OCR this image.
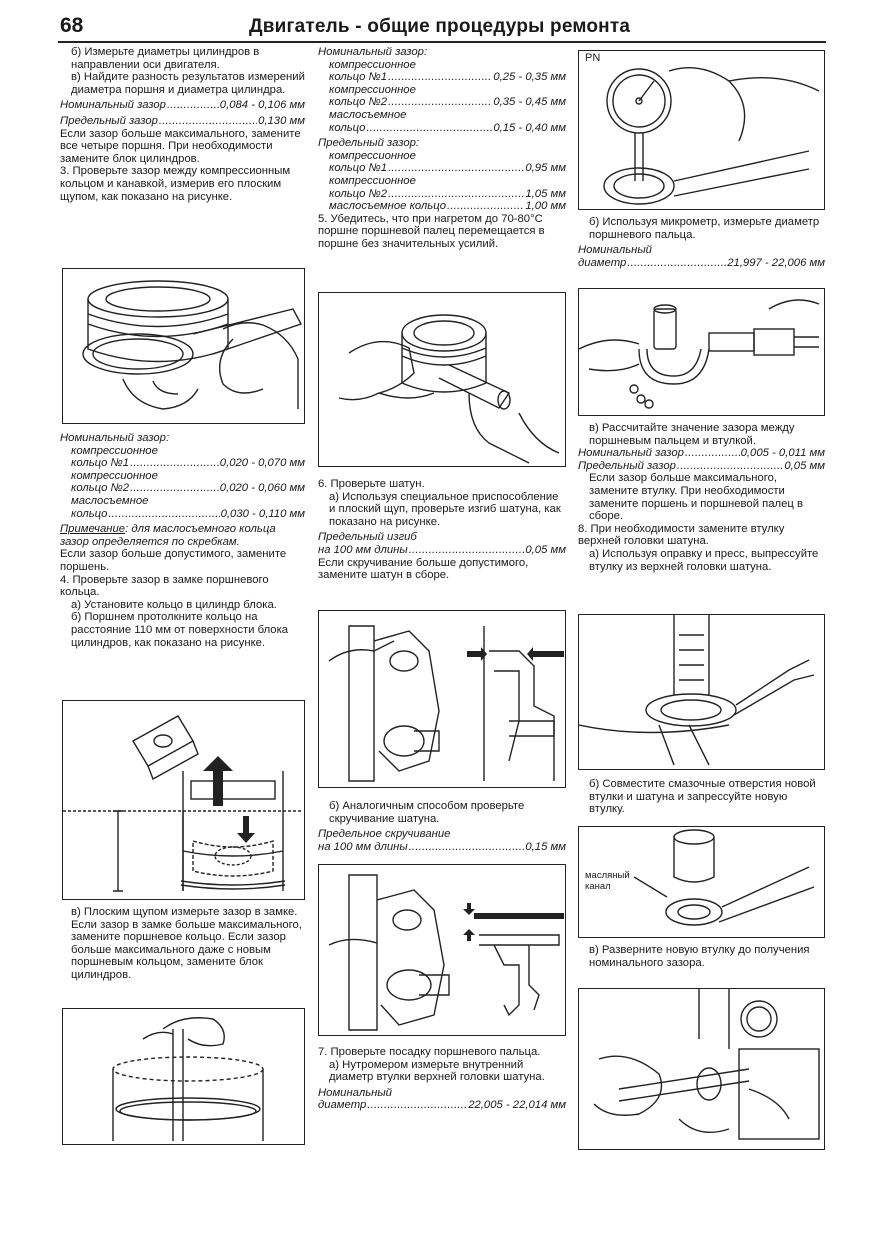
68	Двигатель - общие процедуры ремонта

б) Измерьте диаметры цилиндров в направлении оси двигателя.

в) Найдите разность результатов измерений диаметра поршня и диаметра цилиндра.

Номинальный зазор .....	0,084 - 0,106 мм
Предельный зазор .....	0,130 мм

Если зазор больше максимального, замените все четыре поршня. При необходимости замените блок цилиндров.

3. Проверьте зазор между компрессионным кольцом и канавкой, измерив его плоским щупом, как показано на рисунке.

Номинальный зазор:

компрессионное

кольцо №1 .....	0,020 - 0,070 мм

компрессионное

кольцо №2 .....	0,020 - 0,060 мм

маслосъемное

кольцо .....	0,030 - 0,110 мм

Примечание: для маслосъемного кольца зазор определяется по скребкам.

Если зазор больше допустимого, замените поршень.

4. Проверьте зазор в замке поршневого кольца.

а) Установите кольцо в цилиндр блока.

б) Поршнем протолкните кольцо на расстояние 110 мм от поверхности блока цилиндров, как показано на рисунке.

в) Плоским щупом измерьте зазор в замке.

Если зазор в замке больше максимального, замените поршневое кольцо. Если зазор больше максимального даже с новым поршневым кольцом, замените блок цилиндров.

Номинальный зазор:

компрессионное

кольцо №1 .....	0,25 - 0,35 мм

компрессионное

кольцо №2 .....	0,35 - 0,45 мм

маслосъемное

кольцо .....	0,15 - 0,40 мм

Предельный зазор:

компрессионное

кольцо №1 .....	0,95 мм

компрессионное

кольцо №2 .....	1,05 мм
маслосъемное кольцо .....	1,00 мм

5. Убедитесь, что при нагретом до 70-80°С поршне поршневой палец перемещается в поршне без значительных усилий.

6. Проверьте шатун.

а) Используя специальное приспособление и плоский щуп, проверьте изгиб шатуна, как показано на рисунке.

Предельный изгиб

на 100 мм длины .....	0,05 мм

Если скручивание больше допустимого, замените шатун в сборе.

б) Аналогичным способом проверьте скручивание шатуна.

Предельное скручивание

на 100 мм длины .....	0,15 мм

7. Проверьте посадку поршневого пальца.

а) Нутромером измерьте внутренний диаметр втулки верхней головки шатуна.

Номинальный

диаметр .....	22,005 - 22,014 мм
PN

б) Используя микрометр, измерьте диаметр поршневого пальца.

Номинальный

диаметр .....	21,997 - 22,006 мм

в) Рассчитайте значение зазора между поршневым пальцем и втулкой.

Номинальный зазор .....	0,005 - 0,011 мм
Предельный зазор .....	0,05 мм

Если зазор больше максимального, замените втулку. При необходимости замените поршень и поршневой палец в сборе.

8. При необходимости замените втулку верхней головки шатуна.

а) Используя оправку и пресс, выпрессуйте втулку из верхней головки шатуна.

б) Совместите смазочные отверстия новой втулки и шатуна и запрессуйте новую втулку.

масляный канал

в) Разверните новую втулку до получения номинального зазора.
